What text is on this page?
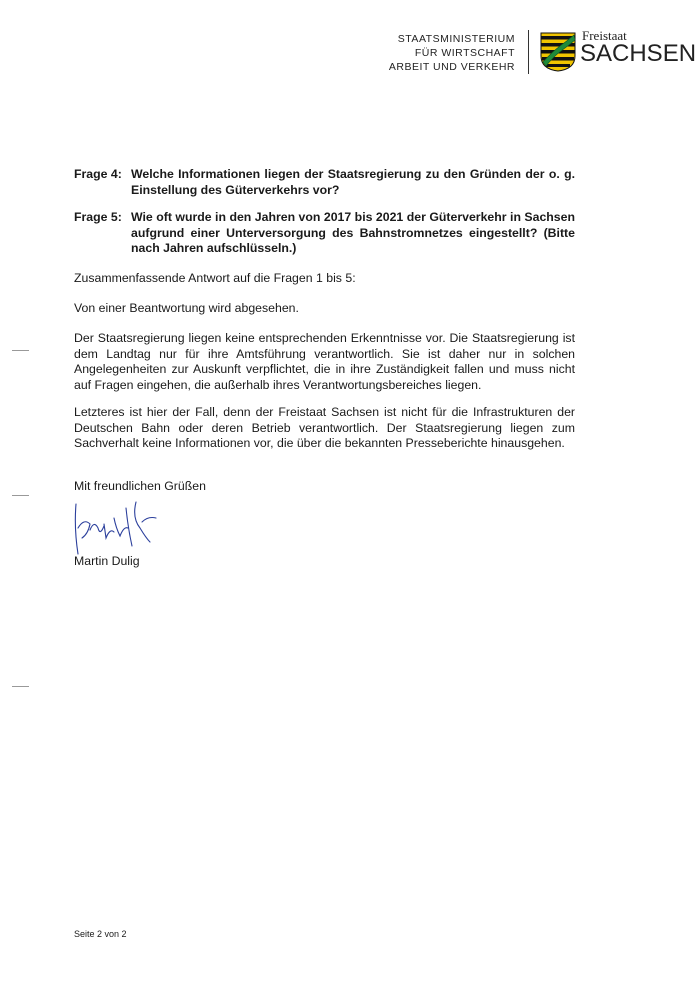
STAATSMINISTERIUM
FÜR WIRTSCHAFT
ARBEIT UND VERKEHR
Freistaat
SACHSEN
Frage 4: Welche Informationen liegen der Staatsregierung zu den Gründen der o. g. Einstellung des Güterverkehrs vor?
Frage 5: Wie oft wurde in den Jahren von 2017 bis 2021 der Güterverkehr in Sachsen aufgrund einer Unterversorgung des Bahnstromnetzes eingestellt? (Bitte nach Jahren aufschlüsseln.)
Zusammenfassende Antwort auf die Fragen 1 bis 5:
Von einer Beantwortung wird abgesehen.
Der Staatsregierung liegen keine entsprechenden Erkenntnisse vor. Die Staatsregierung ist dem Landtag nur für ihre Amtsführung verantwortlich. Sie ist daher nur in solchen Angelegenheiten zur Auskunft verpflichtet, die in ihre Zuständigkeit fallen und muss nicht auf Fragen eingehen, die außerhalb ihres Verantwortungsbereiches liegen.
Letzteres ist hier der Fall, denn der Freistaat Sachsen ist nicht für die Infrastrukturen der Deutschen Bahn oder deren Betrieb verantwortlich. Der Staatsregierung liegen zum Sachverhalt keine Informationen vor, die über die bekannten Presseberichte hinausgehen.
Mit freundlichen Grüßen
Martin Dulig
Seite 2 von 2
